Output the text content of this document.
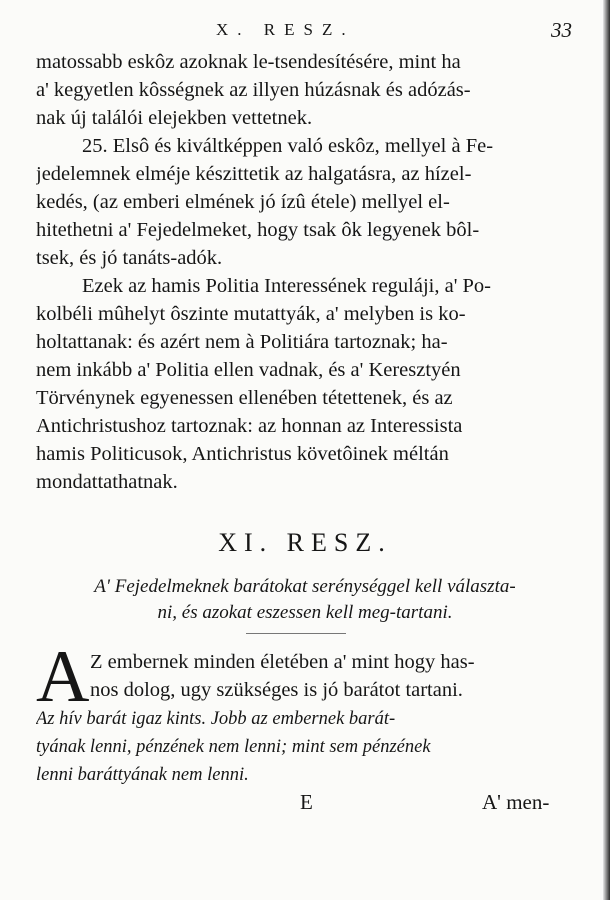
X. RESZ.	33
matossabb eskôz azoknak le-tsendesítésére, mint ha
a' kegyetlen kôsségnek az illyen húzásnak és adózás-
nak új találói elejekben vettetnek.
25. Elsô és kiváltképpen való eskôz, mellyel à Fe-
jedelemnek elméje készittetik az halgatásra, az hízel-
kedés, (az emberi elmének jó ízû étele) mellyel el-
hitethetni a' Fejedelmeket, hogy tsak ôk legyenek bôl-
tsek, és jó tanáts-adók.
Ezek az hamis Politia Interessének reguláji, a' Po-
kolbéli mûhelyt ôszinte mutattyák, a' melyben is ko-
holtattanak: és azért nem à Politiára tartoznak; ha-
nem inkább a' Politia ellen vadnak, és a' Keresztyén
Törvénynek egyenessen ellenében tétettenek, és az
Antichristushoz tartoznak: az honnan az Interessista
hamis Politicusok, Antichristus követôinek méltán
mondattathatnak.
XI. RESZ.
A' Fejedelmeknek barátokat serénységgel kell választa-
ni, és azokat eszessen kell meg-tartani.
A Z embernek minden életében a' mint hogy has-
nos dolog, ugy szükséges is jó barátot tartani.
Az hív barát igaz kints. Jobb az embernek barát-
tyának lenni, pénzének nem lenni; mint sem pénzének
lenni baráttyának nem lenni.
E	A' men-
